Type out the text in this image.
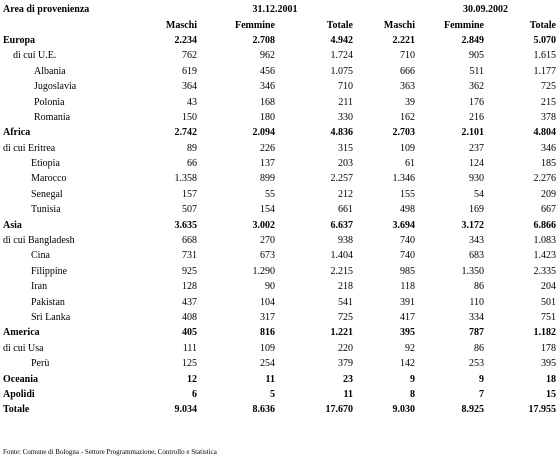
Area di provenienza		31.12.2001			30.09.2002	
	Maschi	Femmine	Totale	Maschi	Femmine	Totale
Europa	2.234	2.708	4.942	2.221	2.849	5.070
di cui U.E.	762	962	1.724	710	905	1.615
Albania	619	456	1.075	666	511	1.177
Jugoslavia	364	346	710	363	362	725
Polonia	43	168	211	39	176	215
Romania	150	180	330	162	216	378
Africa	2.742	2.094	4.836	2.703	2.101	4.804
di cui Eritrea	89	226	315	109	237	346
Etiopia	66	137	203	61	124	185
Marocco	1.358	899	2.257	1.346	930	2.276
Senegal	157	55	212	155	54	209
Tunisia	507	154	661	498	169	667
Asia	3.635	3.002	6.637	3.694	3.172	6.866
di cui Bangladesh	668	270	938	740	343	1.083
Cina	731	673	1.404	740	683	1.423
Filippine	925	1.290	2.215	985	1.350	2.335
Iran	128	90	218	118	86	204
Pakistan	437	104	541	391	110	501
Sri Lanka	408	317	725	417	334	751
America	405	816	1.221	395	787	1.182
di cui Usa	111	109	220	92	86	178
Perù	125	254	379	142	253	395
Oceania	12	11	23	9	9	18
Apolidi	6	5	11	8	7	15
Totale	9.034	8.636	17.670	9.030	8.925	17.955
Fonte: Comune di Bologna - Settore Programmazione, Controllo e Statistica
